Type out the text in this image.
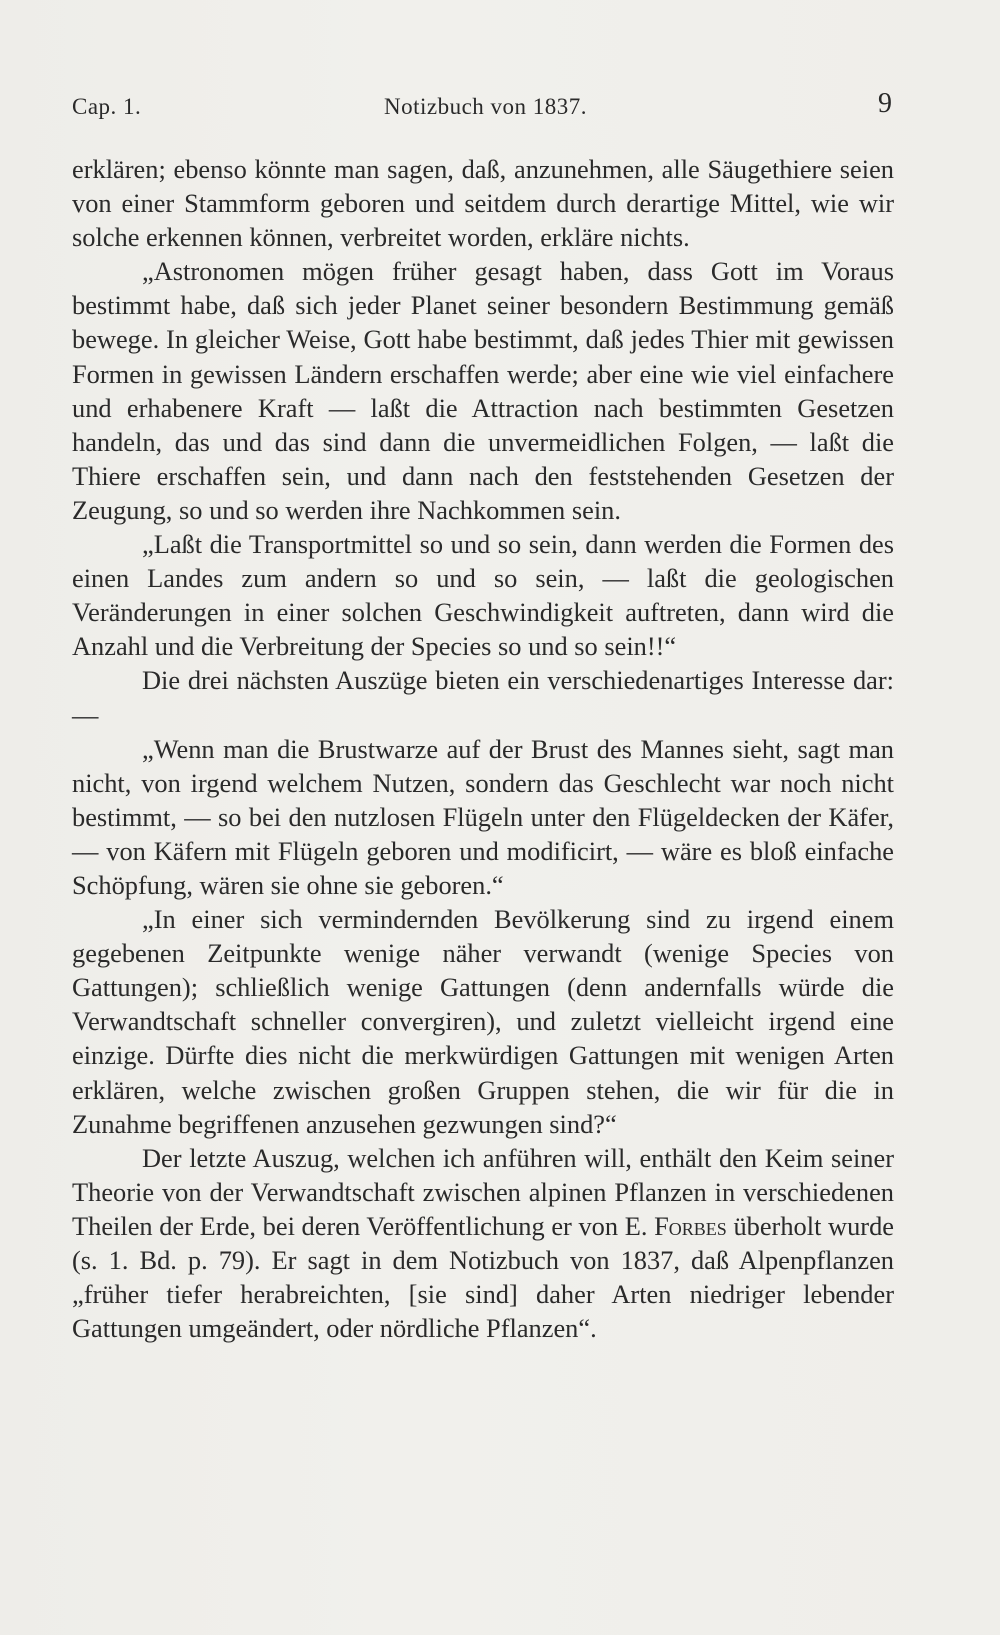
Cap. 1.	Notizbuch von 1837.	9

erklären; ebenso könnte man sagen, daß, anzunehmen, alle Säugethiere seien von einer Stammform geboren und seitdem durch derartige Mittel, wie wir solche erkennen können, verbreitet worden, erkläre nichts.

„Astronomen mögen früher gesagt haben, dass Gott im Voraus bestimmt habe, daß sich jeder Planet seiner besondern Bestimmung gemäß bewege. In gleicher Weise, Gott habe bestimmt, daß jedes Thier mit gewissen Formen in gewissen Ländern erschaffen werde; aber eine wie viel einfachere und erhabenere Kraft — laßt die Attraction nach bestimmten Gesetzen handeln, das und das sind dann die unvermeidlichen Folgen, — laßt die Thiere erschaffen sein, und dann nach den feststehenden Gesetzen der Zeugung, so und so werden ihre Nachkommen sein.

„Laßt die Transportmittel so und so sein, dann werden die Formen des einen Landes zum andern so und so sein, — laßt die geologischen Veränderungen in einer solchen Geschwindigkeit auftreten, dann wird die Anzahl und die Verbreitung der Species so und so sein!!“

Die drei nächsten Auszüge bieten ein verschiedenartiges Interesse dar: —

„Wenn man die Brustwarze auf der Brust des Mannes sieht, sagt man nicht, von irgend welchem Nutzen, sondern das Geschlecht war noch nicht bestimmt, — so bei den nutzlosen Flügeln unter den Flügeldecken der Käfer, — von Käfern mit Flügeln geboren und modificirt, — wäre es bloß einfache Schöpfung, wären sie ohne sie geboren.“

„In einer sich vermindernden Bevölkerung sind zu irgend einem gegebenen Zeitpunkte wenige näher verwandt (wenige Species von Gattungen); schließlich wenige Gattungen (denn andernfalls würde die Verwandtschaft schneller convergiren), und zuletzt vielleicht irgend eine einzige. Dürfte dies nicht die merkwürdigen Gattungen mit wenigen Arten erklären, welche zwischen großen Gruppen stehen, die wir für die in Zunahme begriffenen anzusehen gezwungen sind?“

Der letzte Auszug, welchen ich anführen will, enthält den Keim seiner Theorie von der Verwandtschaft zwischen alpinen Pflanzen in verschiedenen Theilen der Erde, bei deren Veröffentlichung er von E. Forbes überholt wurde (s. 1. Bd. p. 79). Er sagt in dem Notizbuch von 1837, daß Alpenpflanzen „früher tiefer herabreichten, [sie sind] daher Arten niedriger lebender Gattungen umgeändert, oder nördliche Pflanzen“.
